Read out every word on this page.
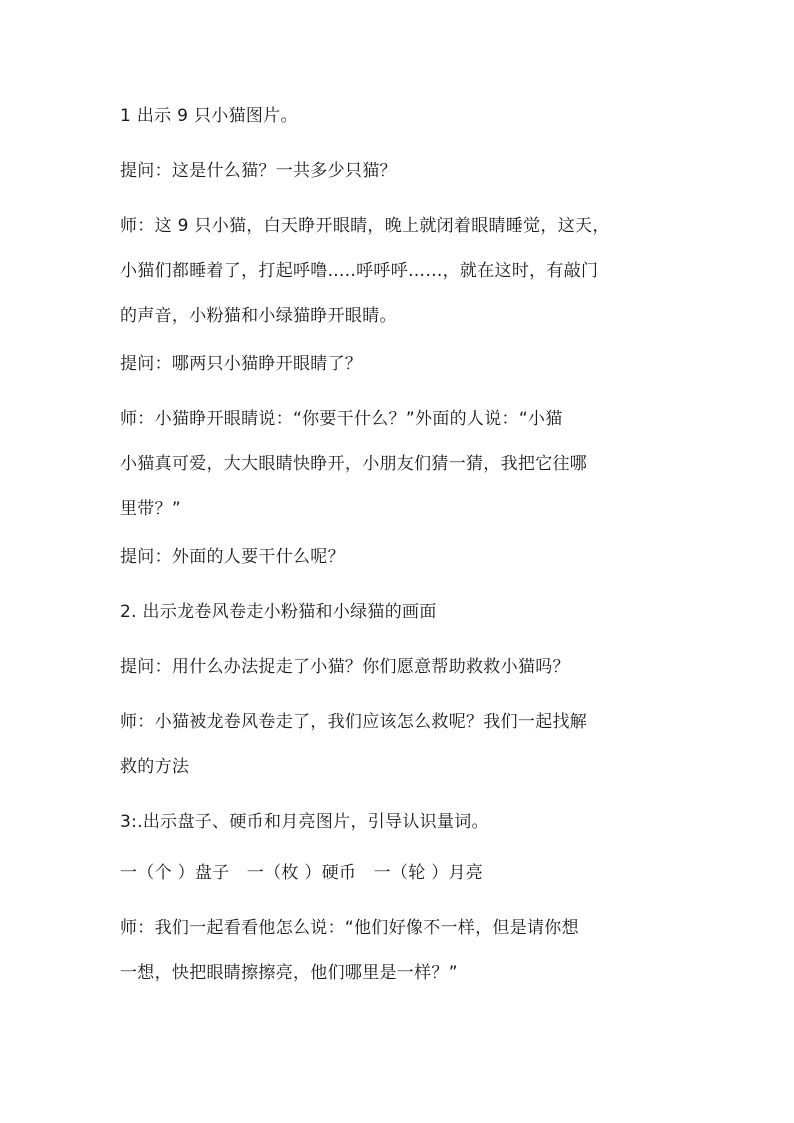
1 出示 9 只小猫图片。
提问：这是什么猫？一共多少只猫？
师：这 9 只小猫，白天睁开眼睛，晚上就闭着眼睛睡觉，这天，
小猫们都睡着了，打起呼噜.....呼呼呼……，就在这时，有敲门
的声音，小粉猫和小绿猫睁开眼睛。
提问：哪两只小猫睁开眼睛了？
师：小猫睁开眼睛说：“你要干什么？”外面的人说：“小猫
小猫真可爱，大大眼睛快睁开，小朋友们猜一猜，我把它往哪
里带？”
提问：外面的人要干什么呢？
2. 出示龙卷风卷走小粉猫和小绿猫的画面
提问：用什么办法捉走了小猫？你们愿意帮助救救小猫吗？
师：小猫被龙卷风卷走了，我们应该怎么救呢？我们一起找解
救的方法
3:.出示盘子、硬币和月亮图片，引导认识量词。
一（个 ）盘子　一（枚 ）硬币　一（轮 ）月亮
师：我们一起看看他怎么说：“他们好像不一样，但是请你想
一想，快把眼睛擦擦亮，他们哪里是一样？”
